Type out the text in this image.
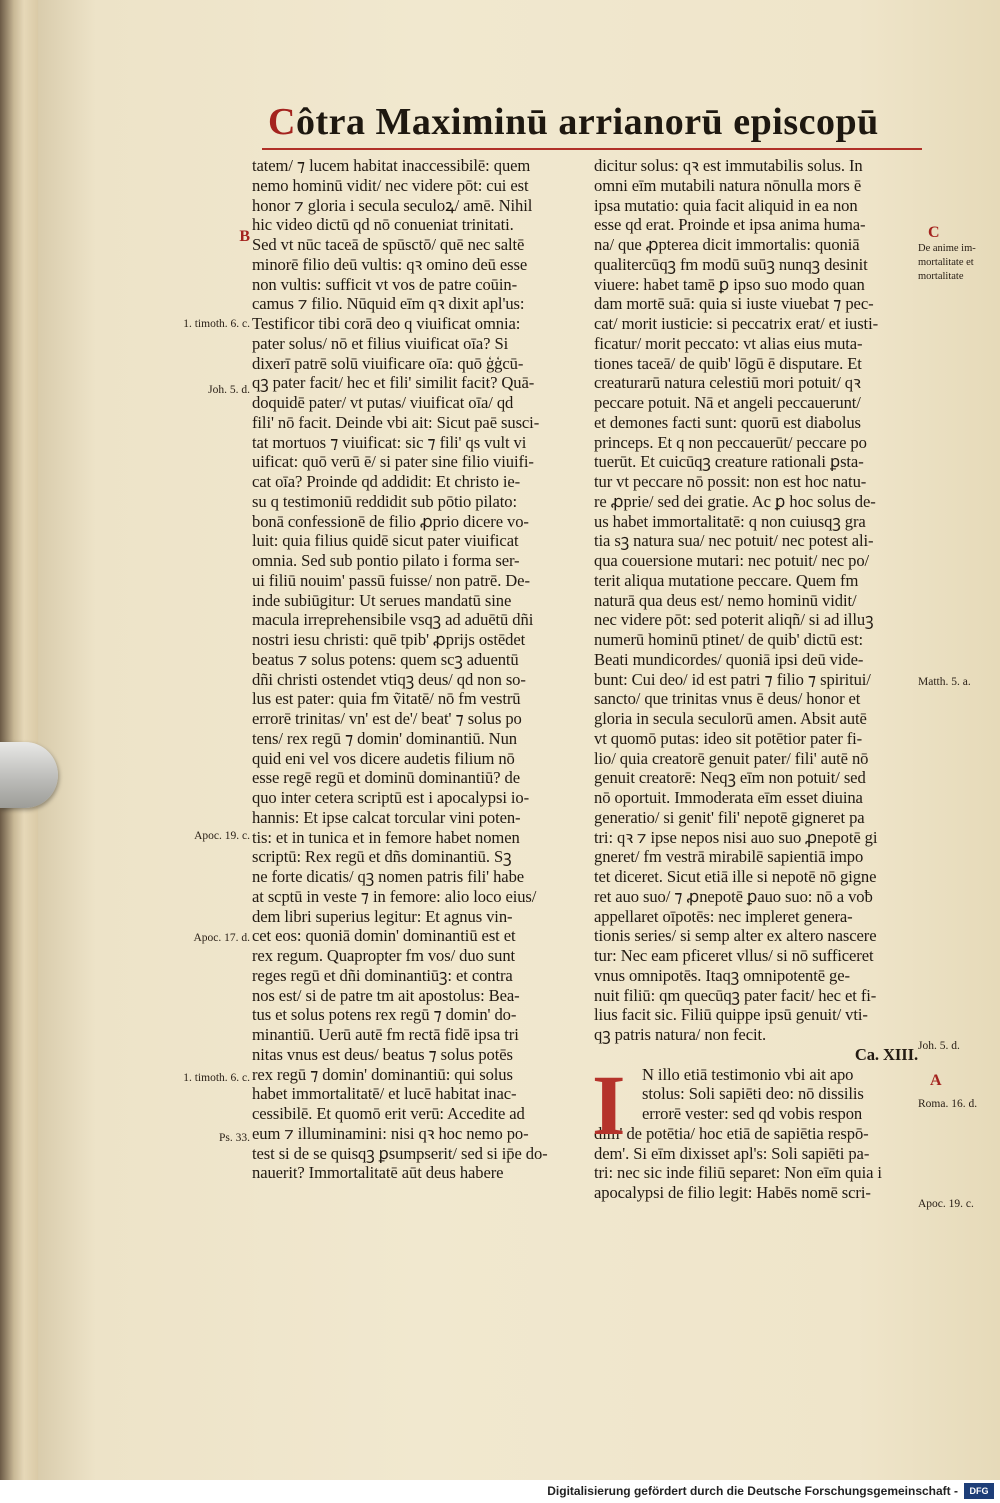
Côtra Maximinū arrianorū episcopū
tatem/ ⁊ lucem habitat inaccessibilē: quem
nemo hominū vidit/ nec videre pōt: cui est
honor ⁊ gloria i secula seculoꝝ/ amē. Nihil
hic video dictū qd nō conueniat trinitati.
Sed vt nūc taceā de spūsctō/ quē nec saltē
minorē filio deū vultis: qꝛ omino deū esse
non vultis: sufficit vt vos de patre coūin-
camus ⁊ filio. Nūquid eīm qꝛ dixit apl'us:
Testificor tibi corā deo q viuificat omnia:
pater solus/ nō et filius viuificat oīa? Si
dixerī patrē solū viuificare oīa: quō ģģcū-
qꝫ pater facit/ hec et fili' similit facit? Quā-
doquidē pater/ vt putas/ viuificat oīa/ qd
fili' nō facit. Deinde vbi ait: Sicut paē susci-
tat mortuos ⁊ viuificat: sic ⁊ fili' qs vult vi
uificat: quō verū ē/ si pater sine filio viuifi-
cat oīa? Proinde qd addidit: Et christo ie-
su q testimoniū reddidit sub pōtio pilato:
bonā confessionē de filio ꝓprio dicere vo-
luit: quia filius quidē sicut pater viuificat
omnia. Sed sub pontio pilato i forma ser-
ui filiū nouim' passū fuisse/ non patrē. De-
inde subiūgitur: Ut serues mandatū sine
macula irreprehensibile vsqꝫ ad aduētū dñi
nostri iesu christi: quē tpib' ꝓprijs ostēdet
beatus ⁊ solus potens: quem scꝫ aduentū
dñi christi ostendet vtiqꝫ deus/ qd non so-
lus est pater: quia fm ṽitatē/ nō fm vestrū
errorē trinitas/ vn' est de'/ beat' ⁊ solus po
tens/ rex regū ⁊ domin' dominantiū. Nun
quid eni vel vos dicere audetis filium nō
esse regē regū et dominū dominantiū? de
quo inter cetera scriptū est i apocalypsi io-
hannis: Et ipse calcat torcular vini poten-
tis: et in tunica et in femore habet nomen
scriptū: Rex regū et dñs dominantiū. Sꝫ
ne forte dicatis/ qꝫ nomen patris fili' habe
at scptū in veste ⁊ in femore: alio loco eius/
dem libri superius legitur: Et agnus vin-
cet eos: quoniā domin' dominantiū est et
rex regum. Quapropter fm vos/ duo sunt
reges regū et dñi dominantiūꝫ: et contra
nos est/ si de patre tm ait apostolus: Bea-
tus et solus potens rex regū ⁊ domin' do-
minantiū. Uerū autē fm rectā fidē ipsa tri
nitas vnus est deus/ beatus ⁊ solus potēs
rex regū ⁊ domin' dominantiū: qui solus
habet immortalitatē/ et lucē habitat inac-
cessibilē. Et quomō erit verū: Accedite ad
eum ⁊ illuminamini: nisi qꝛ hoc nemo po-
test si de se quisqꝫ ꝑsumpserit/ sed si ip̄e do-
nauerit? Immortalitatē aūt deus habere
dicitur solus: qꝛ est immutabilis solus. In
omni eīm mutabili natura nōnulla mors ē
ipsa mutatio: quia facit aliquid in ea non
esse qd erat. Proinde et ipsa anima huma-
na/ que ꝓpterea dicit immortalis: quoniā
qualitercūqꝫ fm modū suūꝫ nunqꝫ desinit
viuere: habet tamē ꝑ ipso suo modo quan
dam mortē suā: quia si iuste viuebat ⁊ pec-
cat/ morit iusticie: si peccatrix erat/ et iusti-
ficatur/ morit peccato: vt alias eius muta-
tiones taceā/ de quib' lōgū ē disputare. Et
creaturarū natura celestiū mori potuit/ qꝛ
peccare potuit. Nā et angeli peccauerunt/
et demones facti sunt: quorū est diabolus
princeps. Et q non peccauerūt/ peccare po
tuerūt. Et cuicūqꝫ creature rationali ꝑsta-
tur vt peccare nō possit: non est hoc natu-
re ꝓprie/ sed dei gratie. Ac ꝑ hoc solus de-
us habet immortalitatē: q non cuiusqꝫ gra
tia sꝫ natura sua/ nec potuit/ nec potest ali-
qua couersione mutari: nec potuit/ nec po/
terit aliqua mutatione peccare. Quem fm
naturā qua deus est/ nemo hominū vidit/
nec videre pōt: sed poterit aliqñ/ si ad illuꝫ
numerū hominū ptinet/ de quib' dictū est:
Beati mundicordes/ quoniā ipsi deū vide-
bunt: Cui deo/ id est patri ⁊ filio ⁊ spiritui/
sancto/ que trinitas vnus ē deus/ honor et
gloria in secula seculorū amen. Absit autē
vt quomō putas: ideo sit potētior pater fi-
lio/ quia creatorē genuit pater/ fili' autē nō
genuit creatorē: Neqꝫ eīm non potuit/ sed
nō oportuit. Immoderata eīm esset diuina
generatio/ si genit' fili' nepotē gigneret pa
tri: qꝛ ⁊ ipse nepos nisi auo suo ꝓnepotē gi
gneret/ fm vestrā mirabilē sapientiā impo
tet diceret. Sicut etiā ille si nepotē nō gigne
ret auo suo/ ⁊ ꝓnepotē ꝑauo suo: nō a voƀ
appellaret oīpotēs: nec impleret genera-
tionis series/ si semp alter ex altero nascere
tur: Nec eam pficeret vllus/ si nō sufficeret
vnus omnipotēs. Itaqꝫ omnipotentē ge-
nuit filiū: qm quecūqꝫ pater facit/ hec et fi-
lius facit sic. Filiū quippe ipsū genuit/ vti-
qꝫ patris natura/ non fecit.
Ca. XIII.
N illo etiā testimonio vbi ait apo
stolus: Soli sapiēti deo: nō dissilis
errorē vester: sed qd vobis respon
dim' de potētia/ hoc etiā de sapiētia respō-
dem'. Si eīm dixisset apl's: Soli sapiēti pa-
tri: nec sic inde filiū separet: Non eīm quia i
apocalypsi de filio legit: Habēs nomē scri-
I
B
1. timoth. 6. c.
Joh. 5. d.
Apoc. 19. c.
Apoc. 17. d.
1. timoth. 6. c.
Ps. 33.
C
De anime im-
mortalitate et
mortalitate
Matth. 5. a.
Joh. 5. d.
A
Roma. 16. d.
Apoc. 19. c.
Digitalisierung gefördert durch die Deutsche Forschungsgemeinschaft -	DFG
